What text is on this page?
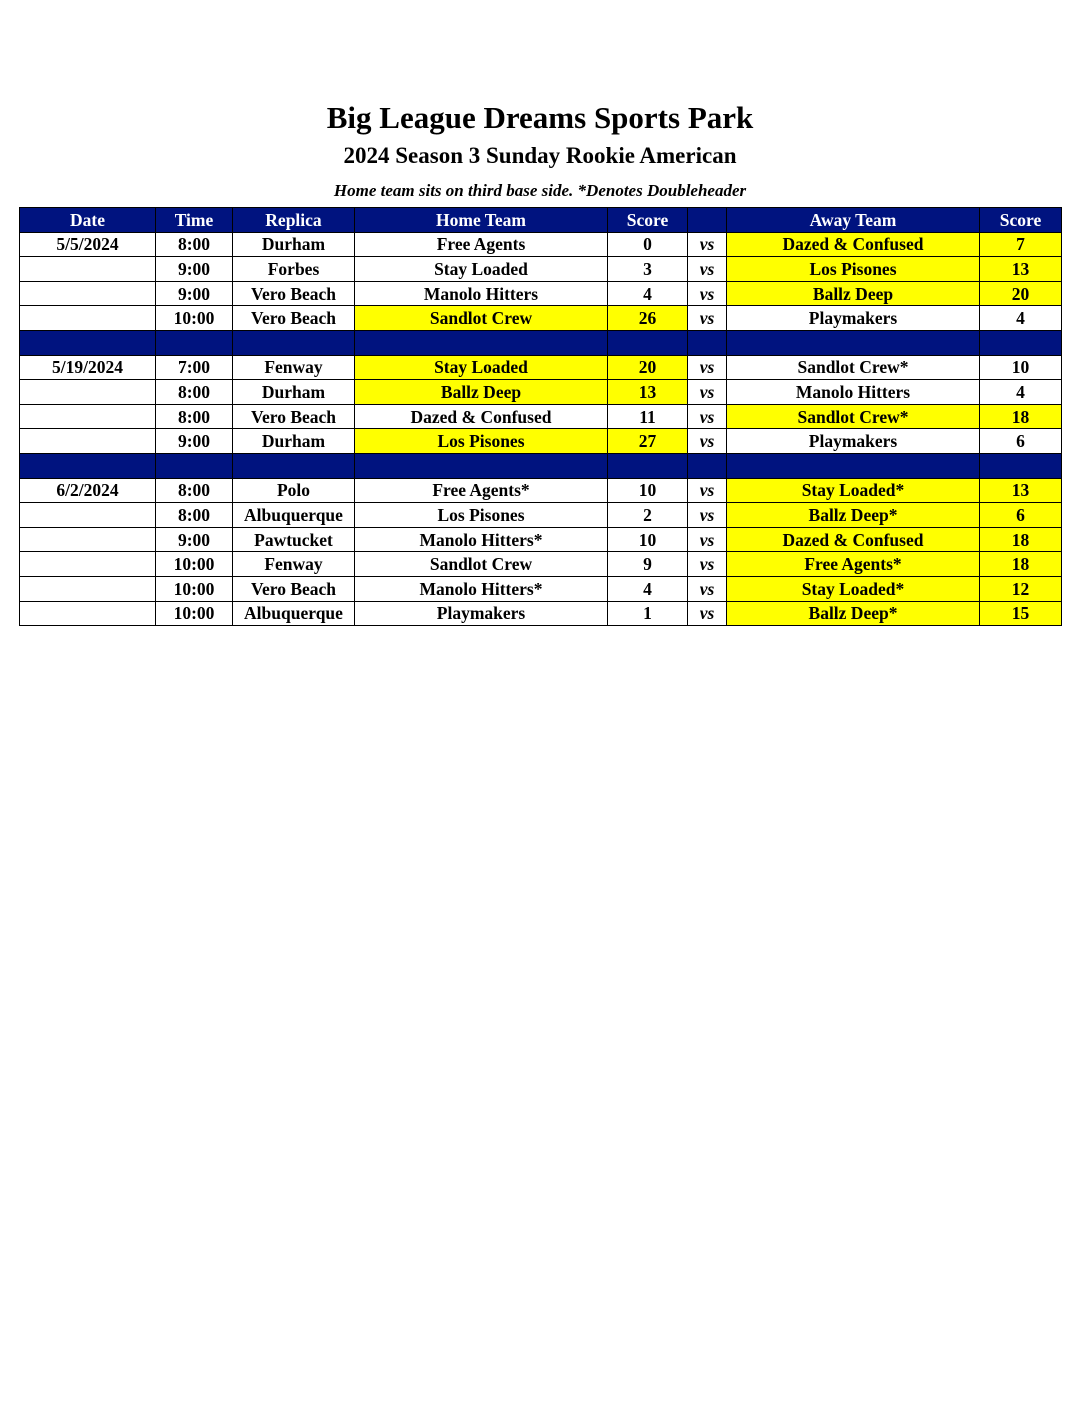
Big League Dreams Sports Park
2024 Season 3 Sunday Rookie American
Home team sits on third base side. *Denotes Doubleheader
Date	Time	Replica	Home Team	Score		Away Team	Score
5/5/2024	8:00	Durham	Free Agents	0	vs	Dazed & Confused	7
	9:00	Forbes	Stay Loaded	3	vs	Los Pisones	13
	9:00	Vero Beach	Manolo Hitters	4	vs	Ballz Deep	20
	10:00	Vero Beach	Sandlot Crew	26	vs	Playmakers	4

5/19/2024	7:00	Fenway	Stay Loaded	20	vs	Sandlot Crew*	10
	8:00	Durham	Ballz Deep	13	vs	Manolo Hitters	4
	8:00	Vero Beach	Dazed & Confused	11	vs	Sandlot Crew*	18
	9:00	Durham	Los Pisones	27	vs	Playmakers	6

6/2/2024	8:00	Polo	Free Agents*	10	vs	Stay Loaded*	13
	8:00	Albuquerque	Los Pisones	2	vs	Ballz Deep*	6
	9:00	Pawtucket	Manolo Hitters*	10	vs	Dazed & Confused	18
	10:00	Fenway	Sandlot Crew	9	vs	Free Agents*	18
	10:00	Vero Beach	Manolo Hitters*	4	vs	Stay Loaded*	12
	10:00	Albuquerque	Playmakers	1	vs	Ballz Deep*	15
